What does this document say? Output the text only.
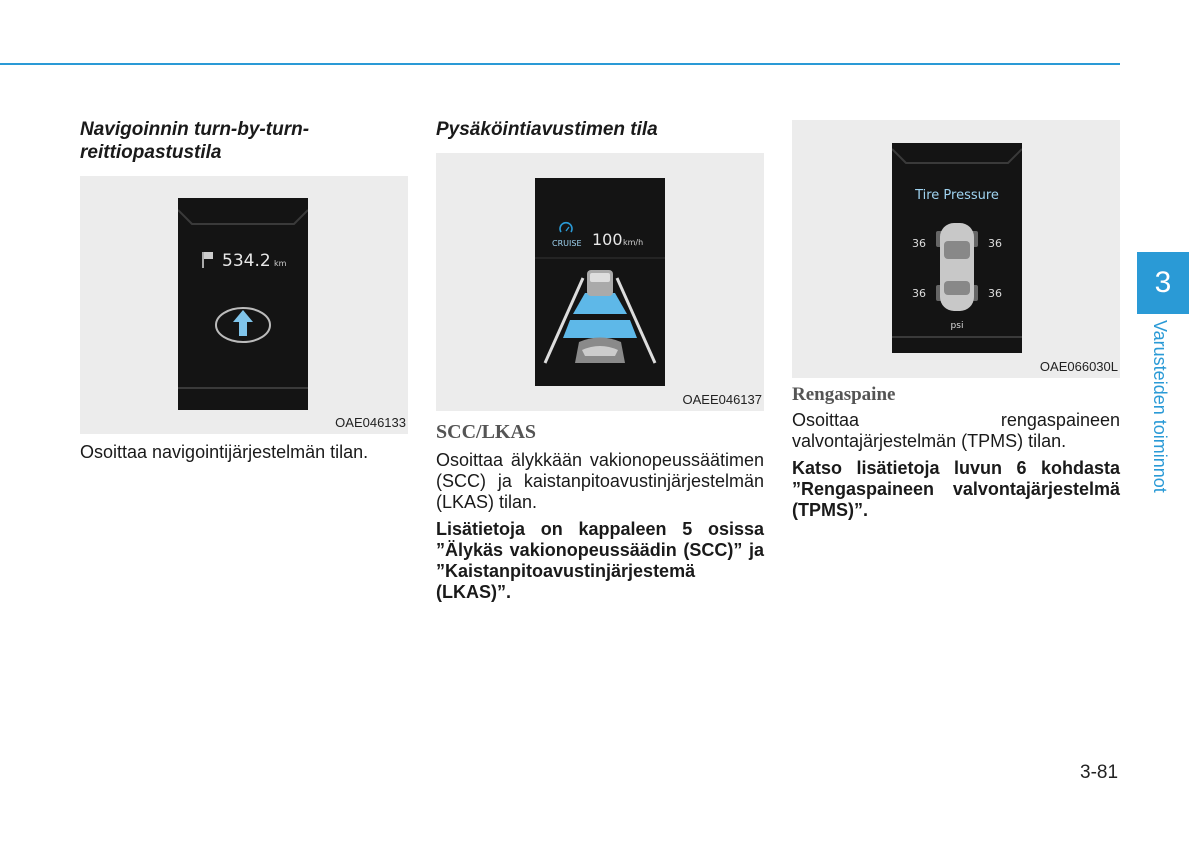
Navigoinnin turn-by-turn-reittiopastustila

534.2 km
OAE046133

Osoittaa navigointijärjestelmän tilan.

Pysäköintiavustimen tila

CRUISE 100 km/h
OAEE046137

SCC/LKAS

Osoittaa älykkään vakionopeussäätimen (SCC) ja kaistanpitoavustinjärjestelmän (LKAS) tilan.

Lisätietoja on kappaleen 5 osissa ”Älykäs vakionopeussäädin (SCC)” ja ”Kaistanpitoavustinjärjestemä (LKAS)”.

Tire Pressure
36	36
36	36
psi
OAE066030L

Rengaspaine

Osoittaa rengaspaineen valvontajärjestelmän (TPMS) tilan.

Katso lisätietoja luvun 6 kohdasta ”Rengaspaineen valvontajärjestelmä (TPMS)”.

3
Varusteiden toiminnot
3-81
